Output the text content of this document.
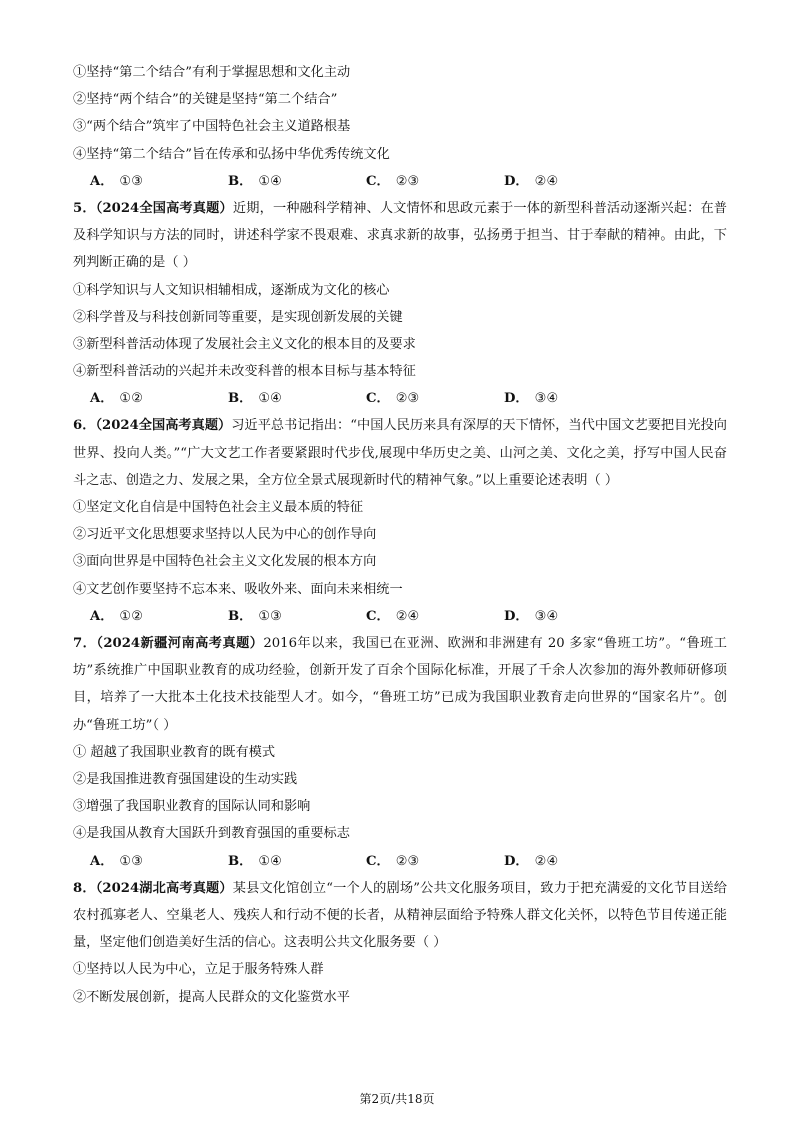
①坚持“第二个结合”有利于掌握思想和文化主动
②坚持“两个结合”的关键是坚持“第二个结合”
③“两个结合”筑牢了中国特色社会主义道路根基
④坚持“第二个结合”旨在传承和弘扬中华优秀传统文化
A． ①③	B． ①④	C． ②③	D． ②④
5．（2024全国高考真题）近期，一种融科学精神、人文情怀和思政元素于一体的新型科普活动逐渐兴起：在普及科学知识与方法的同时，讲述科学家不畏艰难、求真求新的故事，弘扬勇于担当、甘于奉献的精神。由此，下列判断正确的是（ ）
①科学知识与人文知识相辅相成，逐渐成为文化的核心
②科学普及与科技创新同等重要，是实现创新发展的关键
③新型科普活动体现了发展社会主义文化的根本目的及要求
④新型科普活动的兴起并未改变科普的根本目标与基本特征
A． ①②	B． ①④	C． ②③	D． ③④
6．（2024全国高考真题）习近平总书记指出：“中国人民历来具有深厚的天下情怀，当代中国文艺要把目光投向世界、投向人类。”“广大文艺工作者要紧跟时代步伐,展现中华历史之美、山河之美、文化之美，抒写中国人民奋斗之志、创造之力、发展之果，全方位全景式展现新时代的精神气象。”以上重要论述表明（ ）
①坚定文化自信是中国特色社会主义最本质的特征
②习近平文化思想要求坚持以人民为中心的创作导向
③面向世界是中国特色社会主义文化发展的根本方向
④文艺创作要坚持不忘本来、吸收外来、面向未来相统一
A． ①②	B． ①③	C． ②④	D． ③④
7．（2024新疆河南高考真题）2016年以来，我国已在亚洲、欧洲和非洲建有 20 多家“鲁班工坊”。“鲁班工坊”系统推广中国职业教育的成功经验，创新开发了百余个国际化标准，开展了千余人次参加的海外教师研修项目，培养了一大批本土化技术技能型人才。如今，“鲁班工坊”已成为我国职业教育走向世界的“国家名片”。创办“鲁班工坊”（ ）
① 超越了我国职业教育的既有模式
②是我国推进教育强国建设的生动实践
③增强了我国职业教育的国际认同和影响
④是我国从教育大国跃升到教育强国的重要标志
A． ①③	B． ①④	C． ②③	D． ②④
8．（2024湖北高考真题）某县文化馆创立“一个人的剧场”公共文化服务项目，致力于把充满爱的文化节目送给农村孤寡老人、空巢老人、残疾人和行动不便的长者，从精神层面给予特殊人群文化关怀，以特色节目传递正能量，坚定他们创造美好生活的信心。这表明公共文化服务要（ ）
①坚持以人民为中心，立足于服务特殊人群
②不断发展创新，提高人民群众的文化鉴赏水平
第2页/共18页
